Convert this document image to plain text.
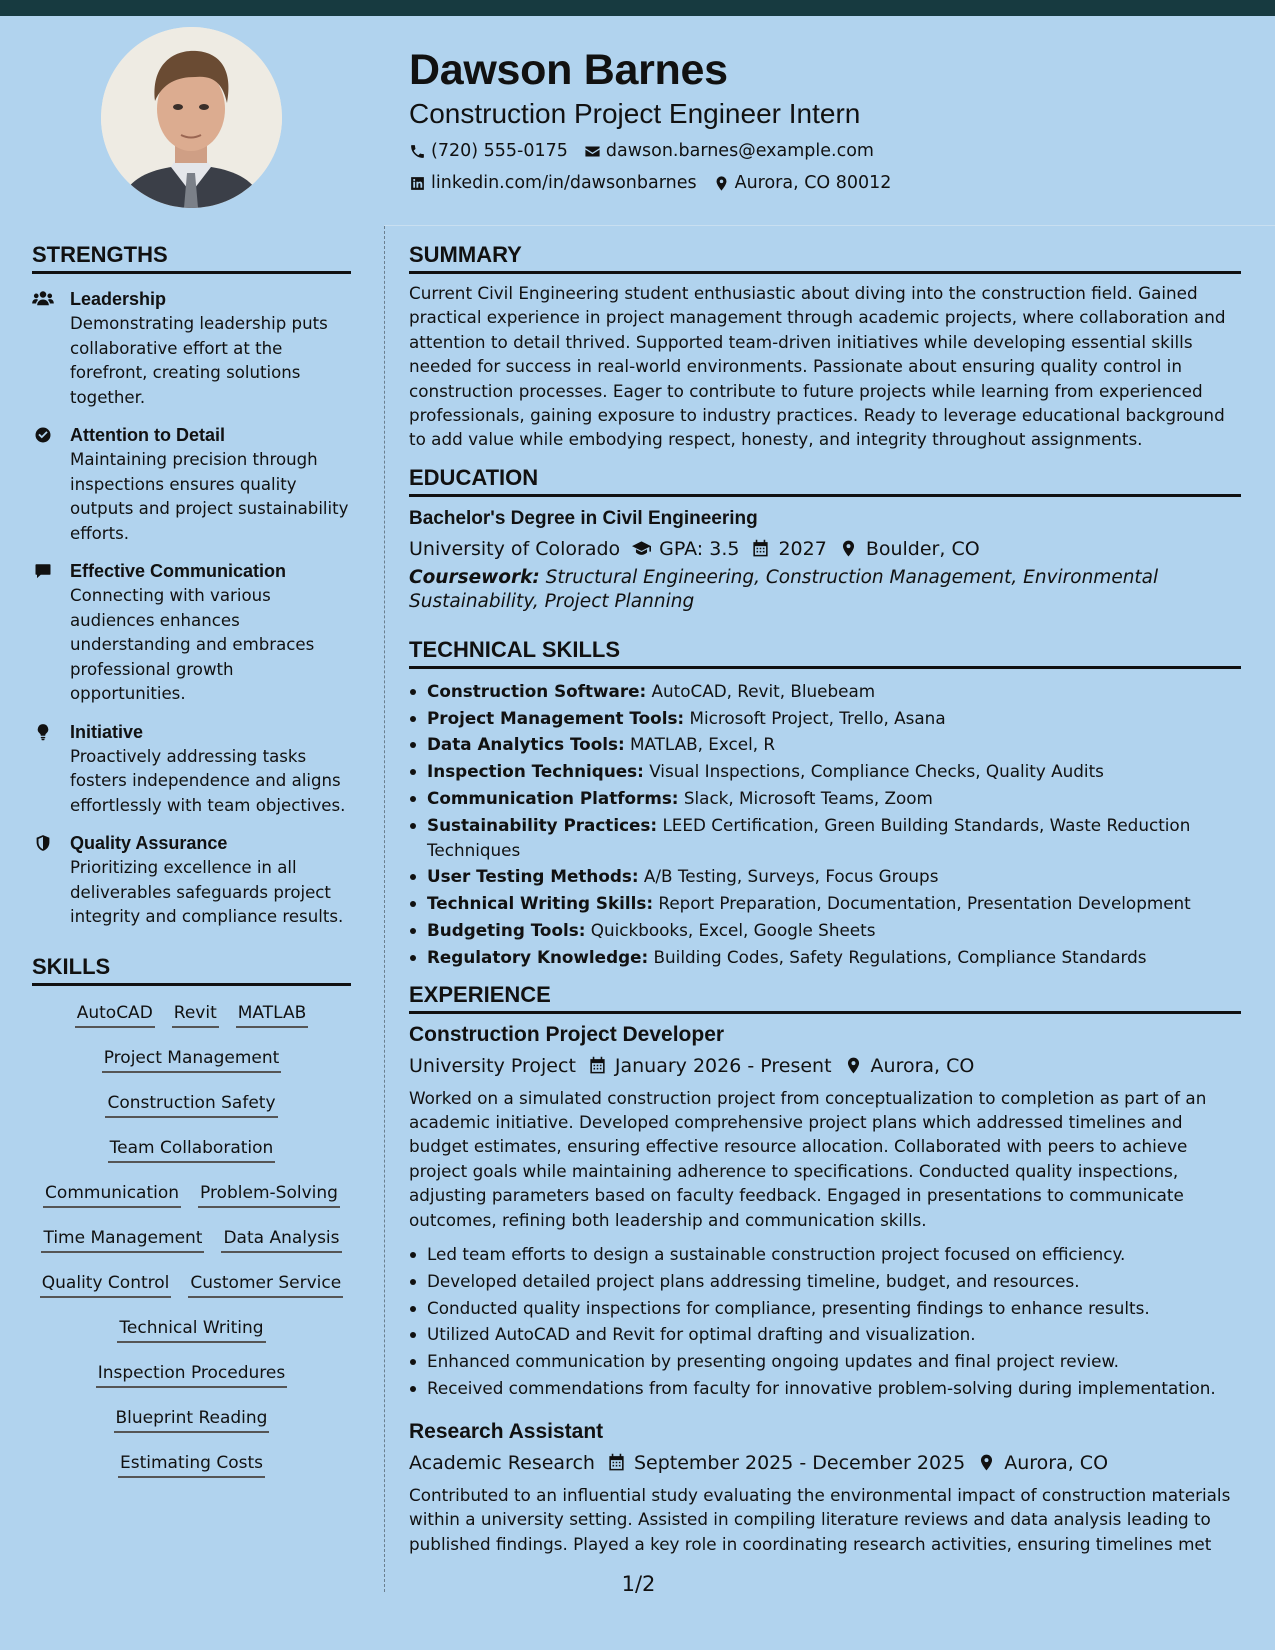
Dawson Barnes
Construction Project Engineer Intern
(720) 555-0175 dawson.barnes@example.com
linkedin.com/in/dawsonbarnes Aurora, CO 80012
STRENGTHS
Leadership
Demonstrating leadership puts collaborative effort at the forefront, creating solutions together.
Attention to Detail
Maintaining precision through inspections ensures quality outputs and project sustainability efforts.
Effective Communication
Connecting with various audiences enhances understanding and embraces professional growth opportunities.
Initiative
Proactively addressing tasks fosters independence and aligns effortlessly with team objectives.
Quality Assurance
Prioritizing excellence in all deliverables safeguards project integrity and compliance results.
SKILLS
AutoCAD Revit MATLAB
Project Management
Construction Safety
Team Collaboration
Communication Problem-Solving
Time Management Data Analysis
Quality Control Customer Service
Technical Writing
Inspection Procedures
Blueprint Reading
Estimating Costs
SUMMARY
Current Civil Engineering student enthusiastic about diving into the construction field. Gained practical experience in project management through academic projects, where collaboration and attention to detail thrived. Supported team-driven initiatives while developing essential skills needed for success in real-world environments. Passionate about ensuring quality control in construction processes. Eager to contribute to future projects while learning from experienced professionals, gaining exposure to industry practices. Ready to leverage educational background to add value while embodying respect, honesty, and integrity throughout assignments.
EDUCATION
Bachelor's Degree in Civil Engineering
University of Colorado GPA: 3.5 2027 Boulder, CO
Coursework: Structural Engineering, Construction Management, Environmental Sustainability, Project Planning
TECHNICAL SKILLS
Construction Software: AutoCAD, Revit, Bluebeam
Project Management Tools: Microsoft Project, Trello, Asana
Data Analytics Tools: MATLAB, Excel, R
Inspection Techniques: Visual Inspections, Compliance Checks, Quality Audits
Communication Platforms: Slack, Microsoft Teams, Zoom
Sustainability Practices: LEED Certification, Green Building Standards, Waste Reduction Techniques
User Testing Methods: A/B Testing, Surveys, Focus Groups
Technical Writing Skills: Report Preparation, Documentation, Presentation Development
Budgeting Tools: Quickbooks, Excel, Google Sheets
Regulatory Knowledge: Building Codes, Safety Regulations, Compliance Standards
EXPERIENCE
Construction Project Developer
University Project January 2026 - Present Aurora, CO
Worked on a simulated construction project from conceptualization to completion as part of an academic initiative. Developed comprehensive project plans which addressed timelines and budget estimates, ensuring effective resource allocation. Collaborated with peers to achieve project goals while maintaining adherence to specifications. Conducted quality inspections, adjusting parameters based on faculty feedback. Engaged in presentations to communicate outcomes, refining both leadership and communication skills.
Led team efforts to design a sustainable construction project focused on efficiency.
Developed detailed project plans addressing timeline, budget, and resources.
Conducted quality inspections for compliance, presenting findings to enhance results.
Utilized AutoCAD and Revit for optimal drafting and visualization.
Enhanced communication by presenting ongoing updates and final project review.
Received commendations from faculty for innovative problem-solving during implementation.
Research Assistant
Academic Research September 2025 - December 2025 Aurora, CO
Contributed to an influential study evaluating the environmental impact of construction materials within a university setting. Assisted in compiling literature reviews and data analysis leading to published findings. Played a key role in coordinating research activities, ensuring timelines met
1/2
